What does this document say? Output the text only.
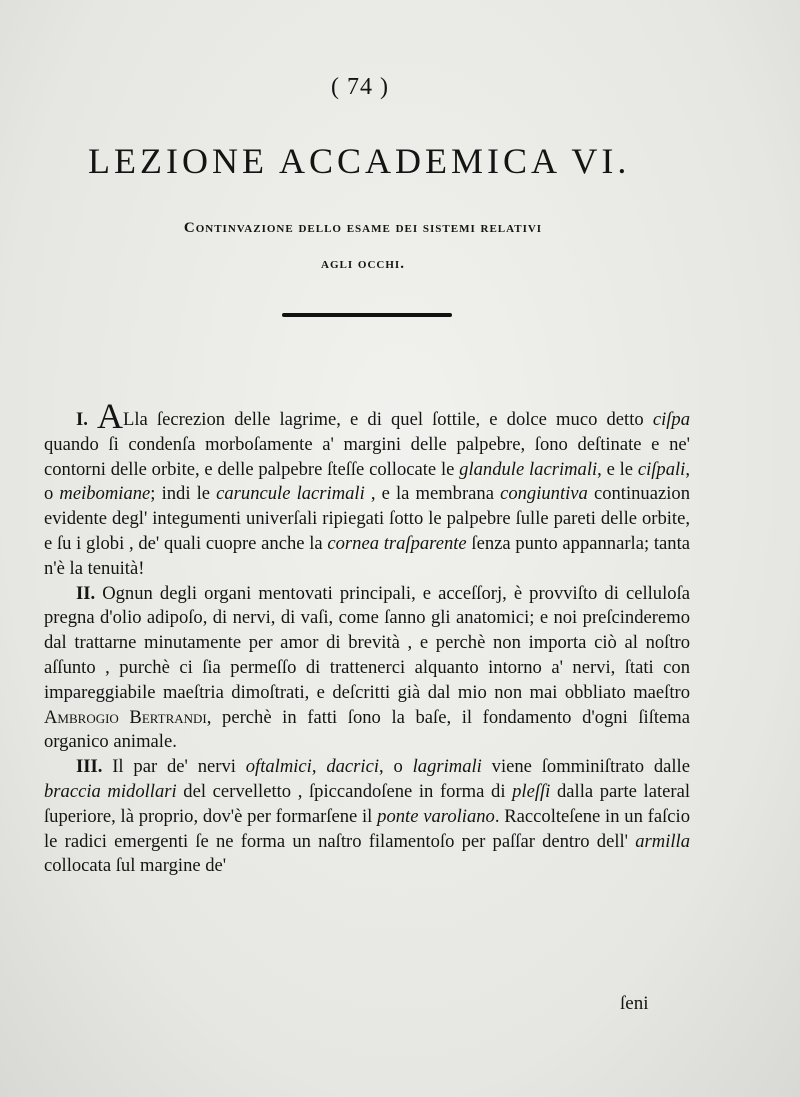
( 74 )
LEZIONE ACCADEMICA VI.
Continvazione dello esame dei sistemi relativi
agli occhi.

I. ALla ſecrezion delle lagrime, e di quel ſottile, e dolce muco detto ciſpa quando ſi condenſa morboſamente a' margini delle palpebre, ſono deſtinate e ne' contorni delle orbite, e delle palpebre ſteſſe collocate le glandule lacrimali, e le ciſpali, o meibomiane; indi le caruncule lacrimali , e la membrana congiuntiva continuazion evidente degl' integumenti univerſali ripiegati ſotto le palpebre ſulle pareti delle orbite, e ſu i globi , de' quali cuopre anche la cornea traſparente ſenza punto appannarla; tanta n'è la tenuità!

II. Ognun degli organi mentovati principali, e acceſſorj, è provviſto di celluloſa pregna d'olio adipoſo, di nervi, di vaſi, come ſanno gli anatomici; e noi preſcinderemo dal trattarne minutamente per amor di brevità , e perchè non importa ciò al noſtro aſſunto , purchè ci ſia permeſſo di trattenerci alquanto intorno a' nervi, ſtati con impareggiabile maeſtria dimoſtrati, e deſcritti già dal mio non mai obbliato maeſtro Ambrogio Bertrandi, perchè in fatti ſono la baſe, il fondamento d'ogni ſiſtema organico animale.

III. Il par de' nervi oftalmici, dacrici, o lagrimali viene ſomminiſtrato dalle braccia midollari del cervelletto , ſpiccandoſene in forma di pleſſi dalla parte lateral ſuperiore, là proprio, dov'è per formarſene il ponte varoliano. Raccolteſene in un faſcio le radici emergenti ſe ne forma un naſtro filamentoſo per paſſar dentro dell' armilla collocata ſul margine de'

ſeni
